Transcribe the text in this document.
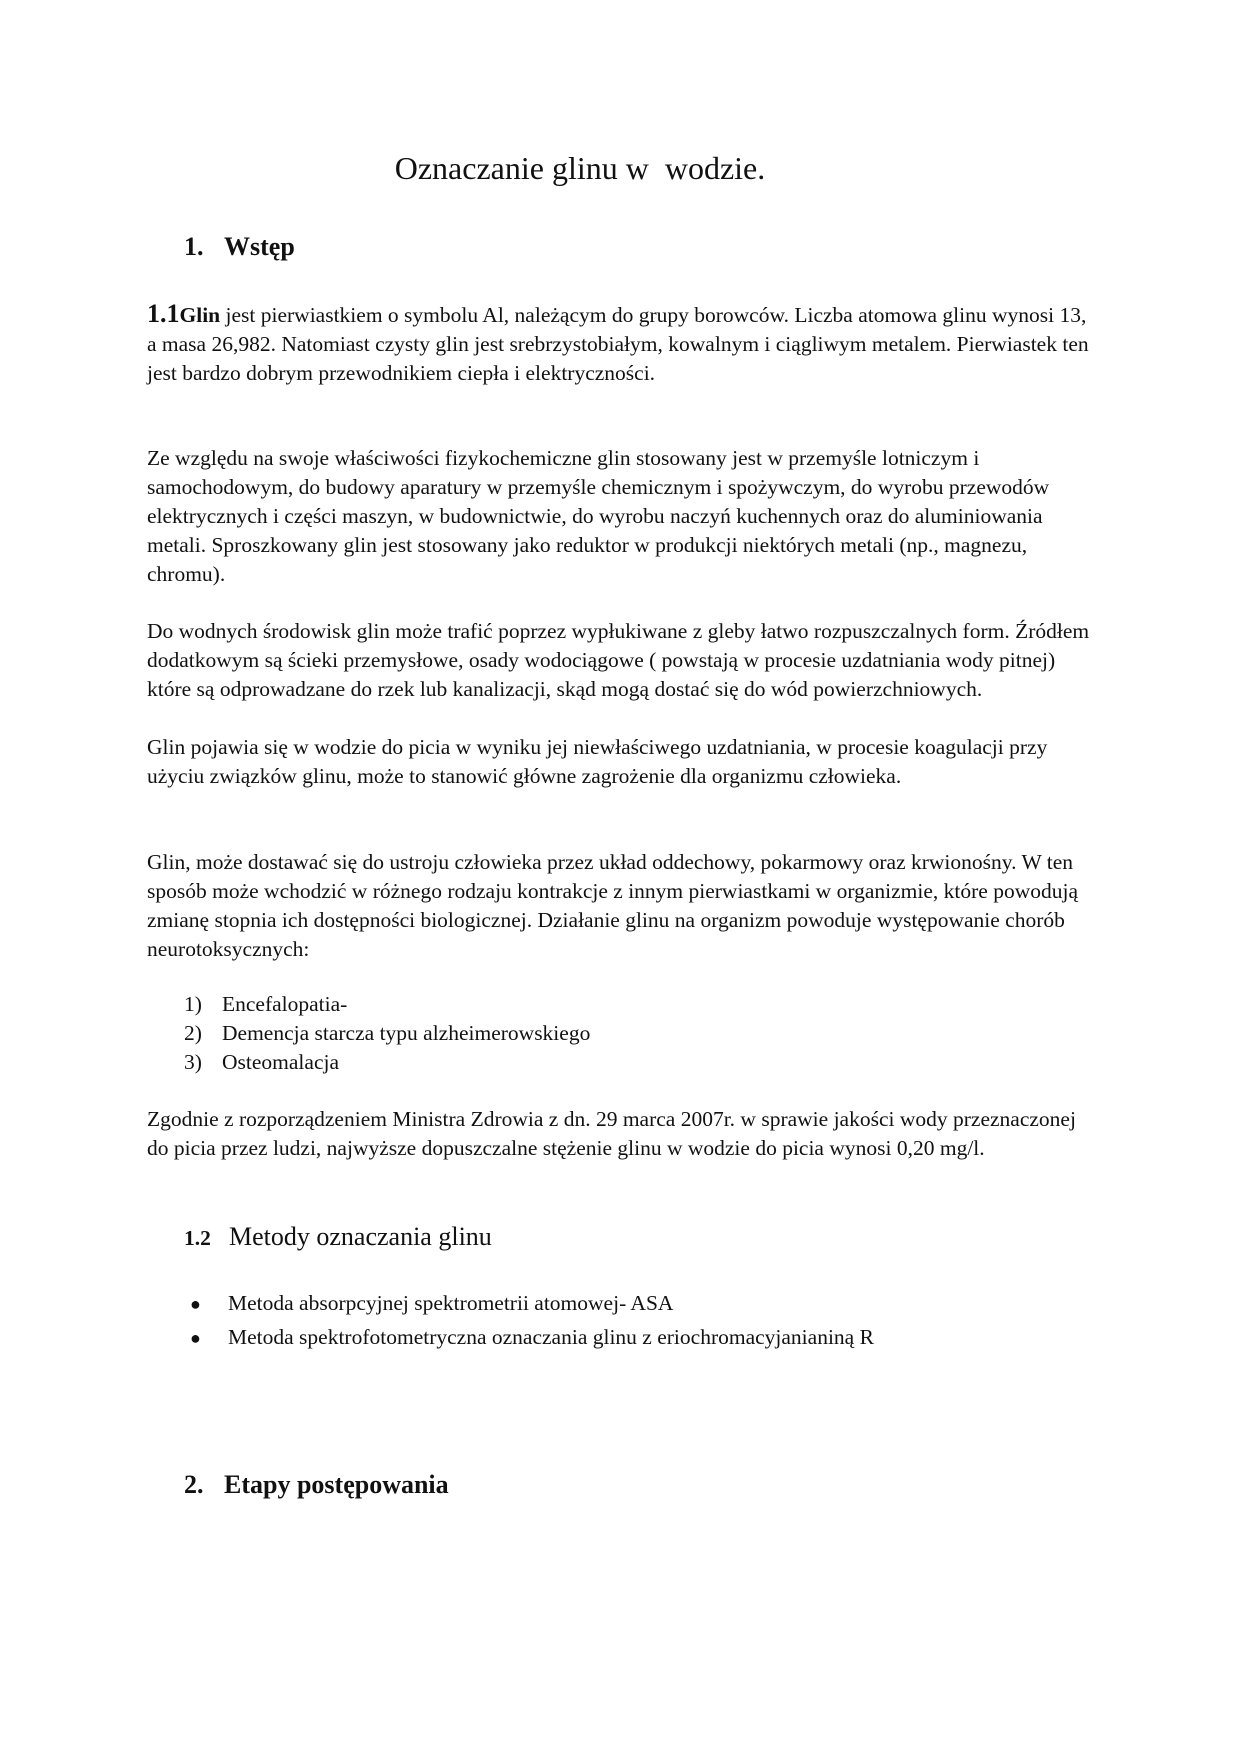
Oznaczanie glinu w  wodzie.
1. Wstęp

1.1Glin jest pierwiastkiem o symbolu Al, należącym do grupy borowców. Liczba atomowa glinu wynosi 13, a masa 26,982. Natomiast czysty glin jest srebrzystobiałym, kowalnym i ciągliwym metalem. Pierwiastek ten jest bardzo dobrym przewodnikiem ciepła i elektryczności.

Ze względu na swoje właściwości fizykochemiczne glin stosowany jest w przemyśle lotniczym i samochodowym, do budowy aparatury w przemyśle chemicznym i spożywczym, do wyrobu przewodów elektrycznych i części maszyn, w budownictwie, do wyrobu naczyń kuchennych oraz do aluminiowania metali. Sproszkowany glin jest stosowany jako reduktor w produkcji niektórych metali (np., magnezu, chromu).

Do wodnych środowisk glin może trafić poprzez wypłukiwane z gleby łatwo rozpuszczalnych form. Źródłem dodatkowym są ścieki przemysłowe, osady wodociągowe ( powstają w procesie uzdatniania wody pitnej) które są odprowadzane do rzek lub kanalizacji, skąd mogą dostać się do wód powierzchniowych.

Glin pojawia się w wodzie do picia w wyniku jej niewłaściwego uzdatniania, w procesie koagulacji przy użyciu związków glinu, może to stanowić główne zagrożenie dla organizmu człowieka.

Glin, może dostawać się do ustroju człowieka przez układ oddechowy, pokarmowy oraz krwionośny. W ten sposób może wchodzić w różnego rodzaju kontrakcje z innym pierwiastkami w organizmie, które powodują zmianę stopnia ich dostępności biologicznej. Działanie glinu na organizm powoduje występowanie chorób neurotoksycznych:

1) Encefalopatia-
2) Demencja starcza typu alzheimerowskiego
3) Osteomalacja

Zgodnie z rozporządzeniem Ministra Zdrowia z dn. 29 marca 2007r. w sprawie jakości wody przeznaczonej do picia przez ludzi, najwyższe dopuszczalne stężenie glinu w wodzie do picia wynosi 0,20 mg/l.

1.2 Metody oznaczania glinu
● Metoda absorpcyjnej spektrometrii atomowej- ASA
● Metoda spektrofotometryczna oznaczania glinu z eriochromacyjanianiną R
2. Etapy postępowania
